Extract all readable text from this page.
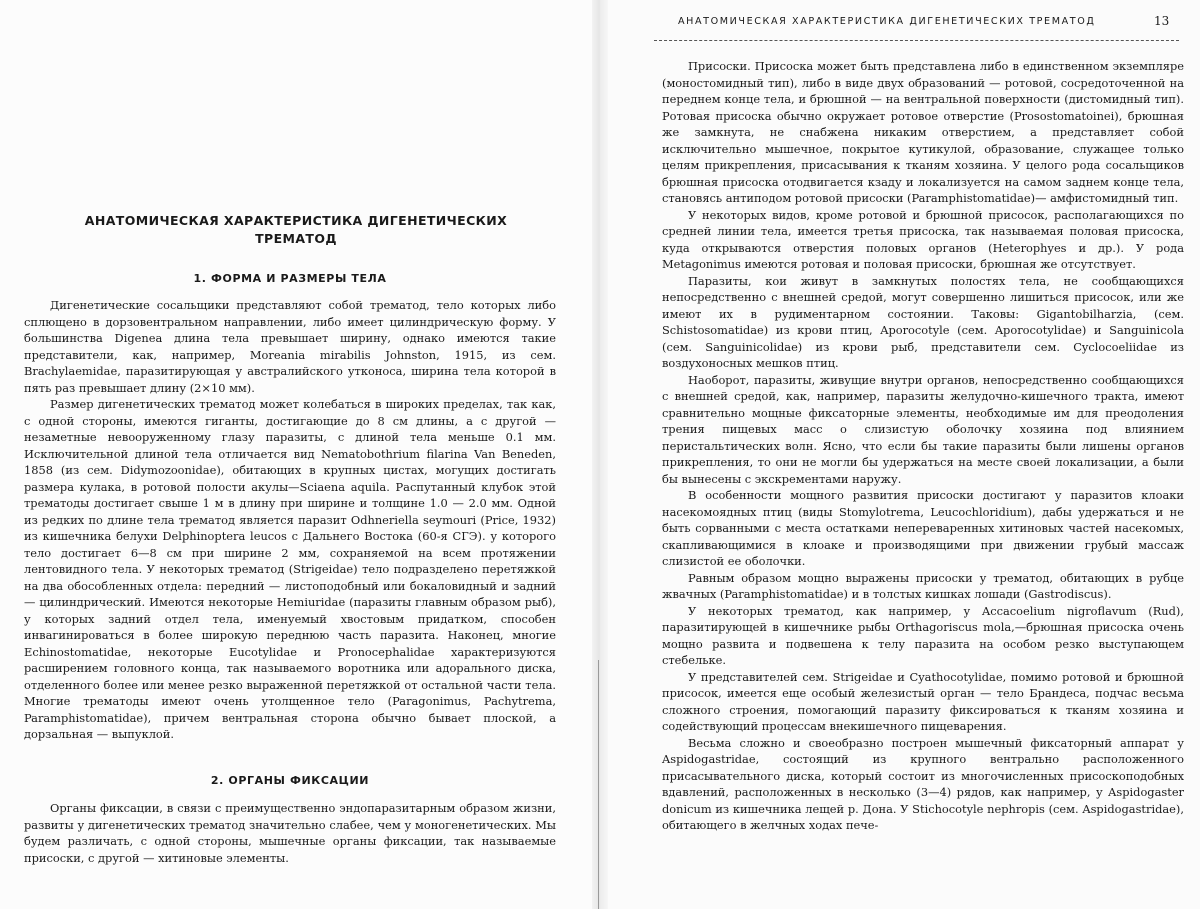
АНАТОМИЧЕСКАЯ ХАРАКТЕРИСТИКА ДИГЕНЕТИЧЕСКИХ
ТРЕМАТОД
1. ФОРМА И РАЗМЕРЫ ТЕЛА

Дигенетические сосальщики представляют собой трематод, тело которых либо сплющено в дорзовентральном направлении, либо имеет цилиндрическую форму. У большинства Digenea длина тела превышает ширину, однако имеются такие представители, как, например, Moreania mirabilis Johnston, 1915, из сем. Brachylaemidae, паразитирующая у австралийского утконоса, ширина тела которой в пять раз превышает длину (2×10 мм).

Размер дигенетических трематод может колебаться в широких пределах, так как, с одной стороны, имеются гиганты, достигающие до 8 см длины, а с другой — незаметные невооруженному глазу паразиты, с длиной тела меньше 0.1 мм. Исключительной длиной тела отличается вид Nematobothrium filarina Van Beneden, 1858 (из сем. Didymozoonidae), обитающих в крупных цистах, могущих достигать размера кулака, в ротовой полости акулы—Sciaena aquila. Распутанный клубок этой трематоды достигает свыше 1 м в длину при ширине и толщине 1.0 — 2.0 мм. Одной из редких по длине тела трематод является паразит Odhneriella seymouri (Price, 1932) из кишечника белухи Delphinoptera leucos с Дальнего Востока (60-я СГЭ). у которого тело достигает 6—8 см при ширине 2 мм, сохраняемой на всем протяжении лентовидного тела. У некоторых трематод (Strigeidae) тело подразделено перетяжкой на два обособленных отдела: передний — листоподобный или бокаловидный и задний — цилиндрический. Имеются некоторые Hemiuridae (паразиты главным образом рыб), у которых задний отдел тела, именуемый хвостовым придатком, способен инвагинироваться в более широкую переднюю часть паразита. Наконец, многие Echinostomatidae, некоторые Eucotylidae и Pronocephalidae характеризуются расширением головного конца, так называемого воротника или адорального диска, отделенного более или менее резко выраженной перетяжкой от остальной части тела. Многие трематоды имеют очень утолщенное тело (Paragonimus, Pachytrema, Paramphistomatidae), причем вентральная сторона обычно бывает плоской, а дорзальная — выпуклой.

2. ОРГАНЫ ФИКСАЦИИ

Органы фиксации, в связи с преимущественно эндопаразитарным образом жизни, развиты у дигенетических трематод значительно слабее, чем у моногенетических. Мы будем различать, с одной стороны, мышечные органы фиксации, так называемые присоски, с другой — хитиновые элементы.

АНАТОМИЧЕСКАЯ ХАРАКТЕРИСТИКА ДИГЕНЕТИЧЕСКИХ ТРЕМАТОД	13

Присоски. Присоска может быть представлена либо в единственном экземпляре (моностомидный тип), либо в виде двух образований — ротовой, сосредоточенной на переднем конце тела, и брюшной — на вентральной поверхности (дистомидный тип). Ротовая присоска обычно окружает ротовое отверстие (Prosostomatoinei), брюшная же замкнута, не снабжена никаким отверстием, а представляет собой исключительно мышечное, покрытое кутикулой, образование, служащее только целям прикрепления, присасывания к тканям хозяина. У целого рода сосальщиков брюшная присоска отодвигается кзаду и локализуется на самом заднем конце тела, становясь антиподом ротовой присоски (Paramphistomatidae)— амфистомидный тип.

У некоторых видов, кроме ротовой и брюшной присосок, располагающихся по средней линии тела, имеется третья присоска, так называемая половая присоска, куда открываются отверстия половых органов (Heterophyes и др.). У рода Metagonimus имеются ротовая и половая присоски, брюшная же отсутствует.

Паразиты, кои живут в замкнутых полостях тела, не сообщающихся непосредственно с внешней средой, могут совершенно лишиться присосок, или же имеют их в рудиментарном состоянии. Таковы: Gigantobilharzia, (сем. Schistosomatidae) из крови птиц, Aporocotyle (сем. Aporocotylidae) и Sanguinicola (сем. Sanguinicolidae) из крови рыб, представители сем. Cyclocoeliidae из воздухоносных мешков птиц.

Наоборот, паразиты, живущие внутри органов, непосредственно сообщающихся с внешней средой, как, например, паразиты желудочно-кишечного тракта, имеют сравнительно мощные фиксаторные элементы, необходимые им для преодоления трения пищевых масс о слизистую оболочку хозяина под влиянием перистальтических волн. Ясно, что если бы такие паразиты были лишены органов прикрепления, то они не могли бы удержаться на месте своей локализации, а были бы вынесены с экскрементами наружу.

В особенности мощного развития присоски достигают у паразитов клоаки насекомоядных птиц (виды Stomylotrema, Leucochloridium), дабы удержаться и не быть сорванными с места остатками непереваренных хитиновых частей насекомых, скапливающимися в клоаке и производящими при движении грубый массаж слизистой ее оболочки.

Равным образом мощно выражены присоски у трематод, обитающих в рубце жвачных (Paramphistomatidae) и в толстых кишках лошади (Gastrodiscus).

У некоторых трематод, как например, у Accacoelium nigroflavum (Rud), паразитирующей в кишечнике рыбы Orthagoriscus mola,—брюшная присоска очень мощно развита и подвешена к телу паразита на особом резко выступающем стебельке.

У представителей сем. Strigeidae и Cyathocotylidae, помимо ротовой и брюшной присосок, имеется еще особый железистый орган — тело Брандеса, подчас весьма сложного строения, помогающий паразиту фиксироваться к тканям хозяина и содействующий процессам внекишечного пищеварения.

Весьма сложно и своеобразно построен мышечный фиксаторный аппарат у Aspidogastridae, состоящий из крупного вентрально расположенного присасывательного диска, который состоит из многочисленных присоскоподобных вдавлений, расположенных в несколько (3—4) рядов, как например, у Aspidogaster donicum из кишечника лещей р. Дона. У Stichocotyle nephropis (сем. Aspidogastridae), обитающего в желчных ходах пече-
